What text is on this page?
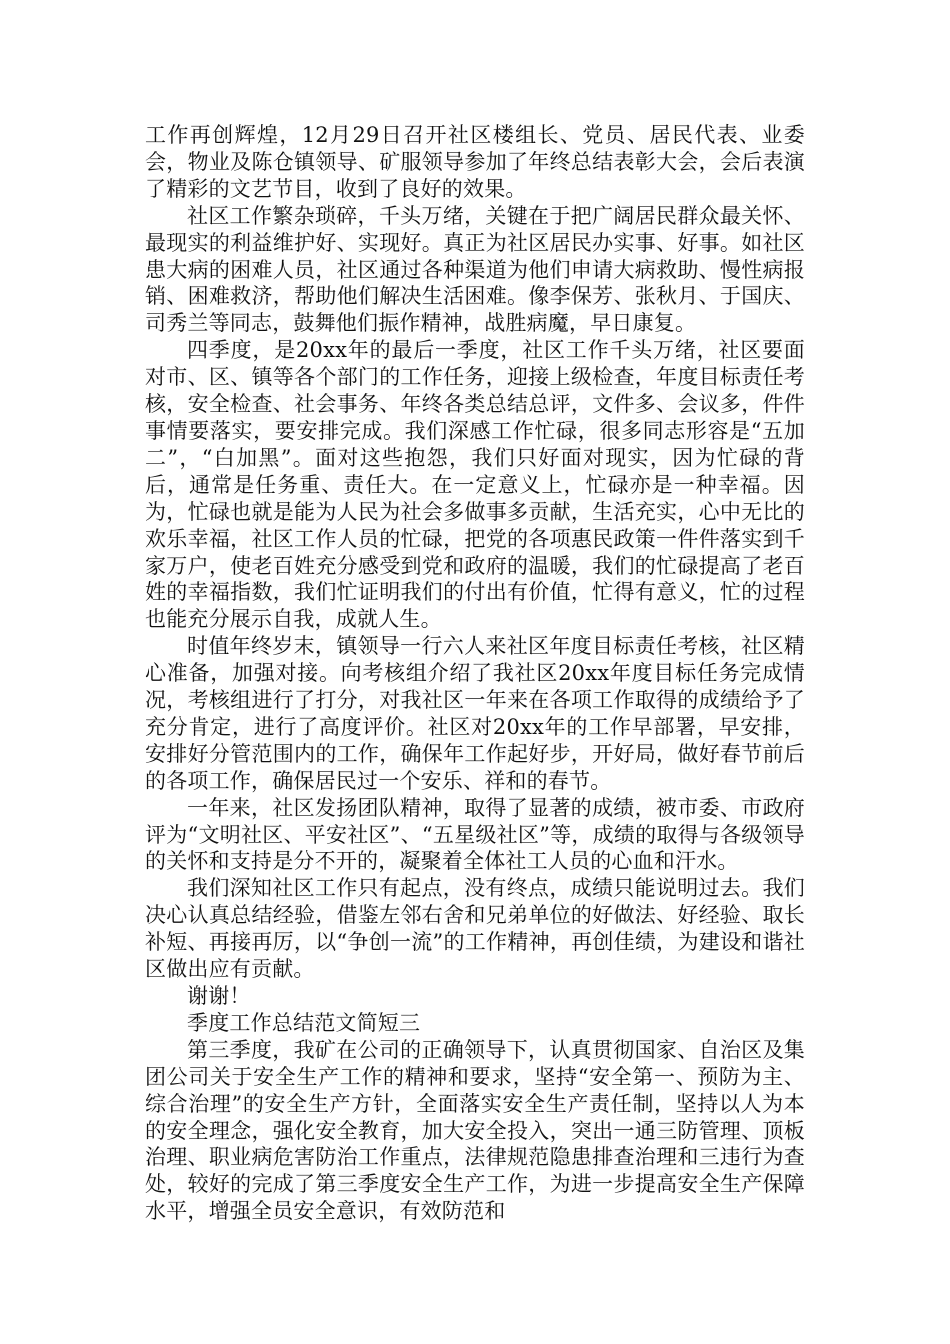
工作再创辉煌，12月29日召开社区楼组长、党员、居民代表、业委会，物业及陈仓镇领导、矿服领导参加了年终总结表彰大会，会后表演了精彩的文艺节目，收到了良好的效果。

社区工作繁杂琐碎，千头万绪，关键在于把广阔居民群众最关怀、最现实的利益维护好、实现好。真正为社区居民办实事、好事。如社区患大病的困难人员，社区通过各种渠道为他们申请大病救助、慢性病报销、困难救济，帮助他们解决生活困难。像李保芳、张秋月、于国庆、司秀兰等同志，鼓舞他们振作精神，战胜病魔，早日康复。

四季度，是20xx年的最后一季度，社区工作千头万绪，社区要面对市、区、镇等各个部门的工作任务，迎接上级检查，年度目标责任考核，安全检查、社会事务、年终各类总结总评，文件多、会议多，件件事情要落实，要安排完成。我们深感工作忙碌，很多同志形容是“五加二”，“白加黑”。面对这些抱怨，我们只好面对现实，因为忙碌的背后，通常是任务重、责任大。在一定意义上，忙碌亦是一种幸福。因为，忙碌也就是能为人民为社会多做事多贡献，生活充实，心中无比的欢乐幸福，社区工作人员的忙碌，把党的各项惠民政策一件件落实到千家万户，使老百姓充分感受到党和政府的温暖，我们的忙碌提高了老百姓的幸福指数，我们忙证明我们的付出有价值，忙得有意义，忙的过程也能充分展示自我，成就人生。

时值年终岁末，镇领导一行六人来社区年度目标责任考核，社区精心准备，加强对接。向考核组介绍了我社区20xx年度目标任务完成情况，考核组进行了打分，对我社区一年来在各项工作取得的成绩给予了充分肯定，进行了高度评价。社区对20xx年的工作早部署，早安排，安排好分管范围内的工作，确保年工作起好步，开好局，做好春节前后的各项工作，确保居民过一个安乐、祥和的春节。

一年来，社区发扬团队精神，取得了显著的成绩，被市委、市政府评为“文明社区、平安社区”、“五星级社区”等，成绩的取得与各级领导的关怀和支持是分不开的，凝聚着全体社工人员的心血和汗水。

我们深知社区工作只有起点，没有终点，成绩只能说明过去。我们决心认真总结经验，借鉴左邻右舍和兄弟单位的好做法、好经验、取长补短、再接再厉，以“争创一流”的工作精神，再创佳绩，为建设和谐社区做出应有贡献。

谢谢！

季度工作总结范文简短三

第三季度，我矿在公司的正确领导下，认真贯彻国家、自治区及集团公司关于安全生产工作的精神和要求，坚持“安全第一、预防为主、综合治理”的安全生产方针，全面落实安全生产责任制，坚持以人为本的安全理念，强化安全教育，加大安全投入，突出一通三防管理、顶板治理、职业病危害防治工作重点，法律规范隐患排查治理和三违行为查处，较好的完成了第三季度安全生产工作，为进一步提高安全生产保障水平，增强全员安全意识，有效防范和
